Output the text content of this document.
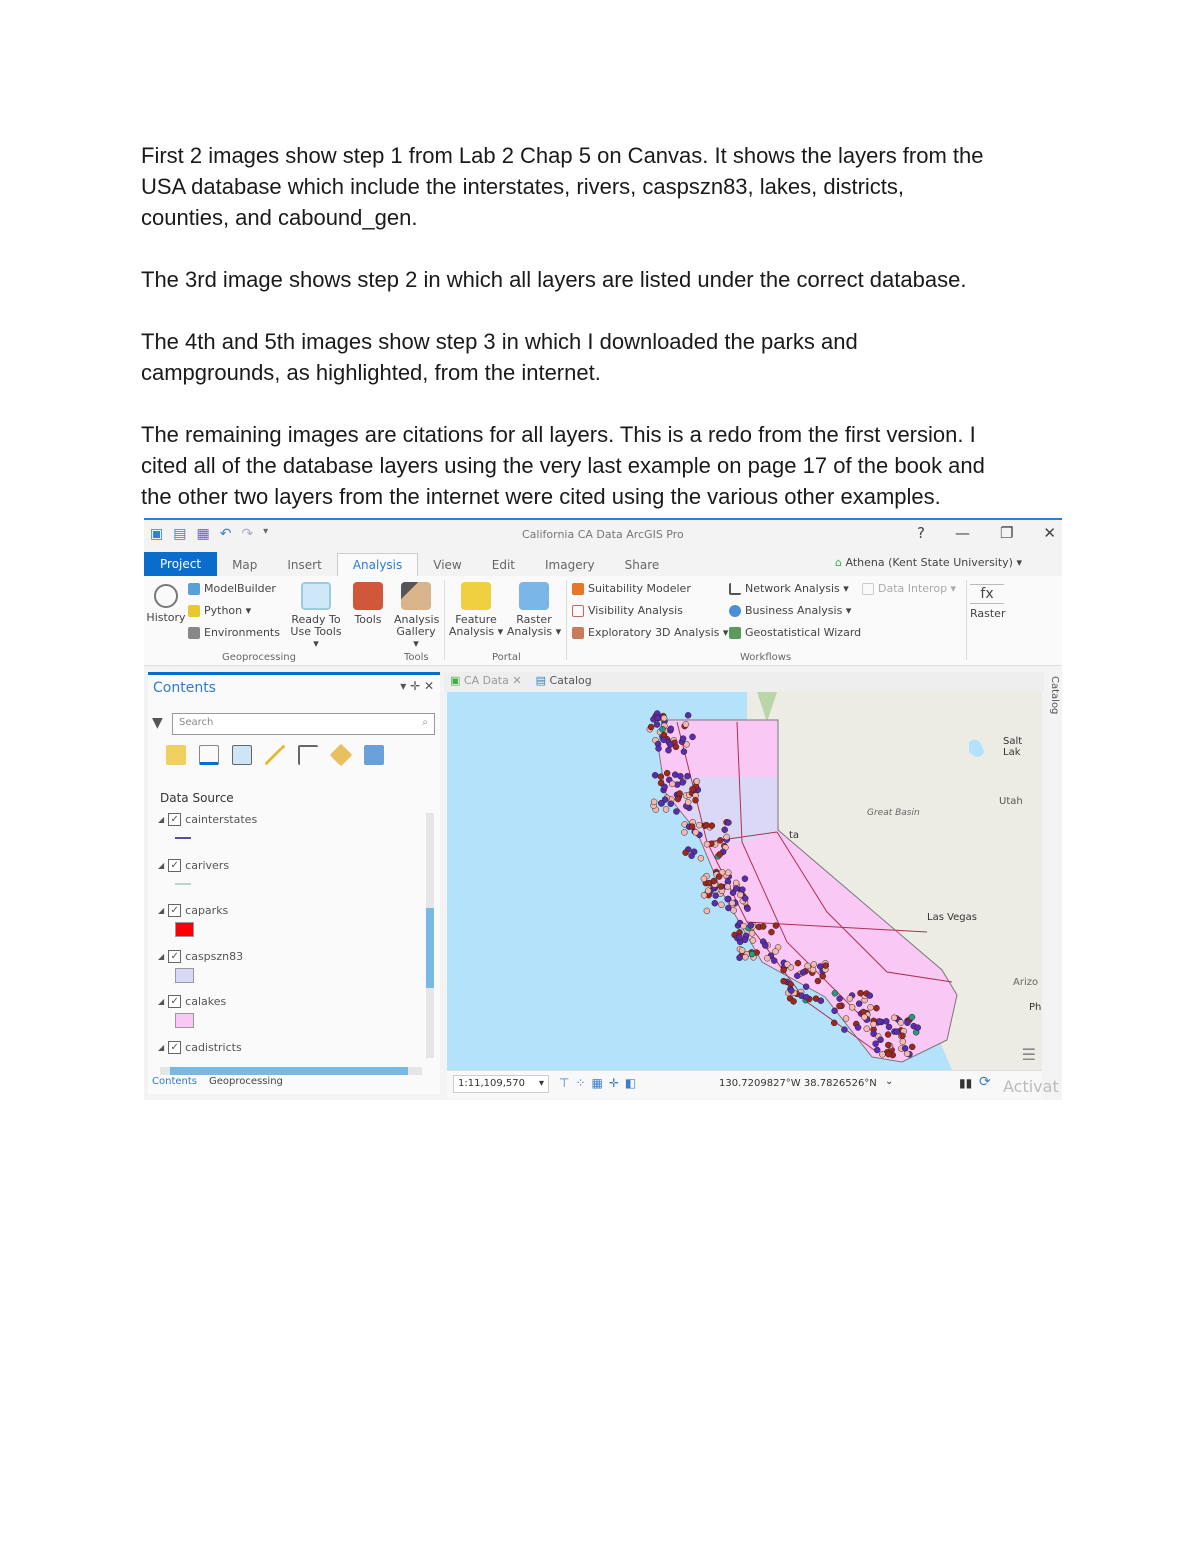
First 2 images show step 1 from Lab 2 Chap 5 on Canvas. It shows the layers from the
USA database which include the interstates, rivers, caspszn83, lakes, districts,
counties, and cabound_gen.
The 3rd image shows step 2 in which all layers are listed under the correct database.
The 4th and 5th images show step 3 in which I downloaded the parks and
campgrounds, as highlighted, from the internet.
The remaining images are citations for all layers. This is a redo from the first version. I
cited all of the database layers using the very last example on page 17 of the book and
the other two layers from the internet were cited using the various other examples.
▣ ▤ ▦ ↶ ↷ ▾	California CA Data ArcGIS Pro	? — ❐ ✕
Project	Map	Insert	Analysis	View	Edit	Imagery	Share	⌂ Athena (Kent State University) ▾
History
ModelBuilder
Python ▾
Environments
Ready To
Use Tools ▾
Tools	Analysis
Gallery ▾
Feature
Analysis ▾
Raster
Analysis ▾
Suitability Modeler
Visibility Analysis
Exploratory 3D Analysis ▾
Network Analysis ▾
Business Analysis ▾
Geostatistical Wizard
Data Interop ▾	fx
Raster
Geoprocessing	Tools	Portal	Workflows
Contents	▾ ✛ ✕
▼	Search	⌕
Data Source
◢ ✓ cainterstates
◢ ✓ carivers
◢ ✓ caparks
◢ ✓ caspszn83
◢ ✓ calakes
◢ ✓ cadistricts
Contents Geoprocessing
▣ CA Data ✕ ▤ Catalog	Catalog
Salt Lak
Utah
Great Basin
Las Vegas
Arizo
Ph
ta
☰
1:11,109,570 ▾ ⊤⁘▦✛◧	130.7209827°W 38.7826526°N ⌄	▮▮ ⟳ Activat
